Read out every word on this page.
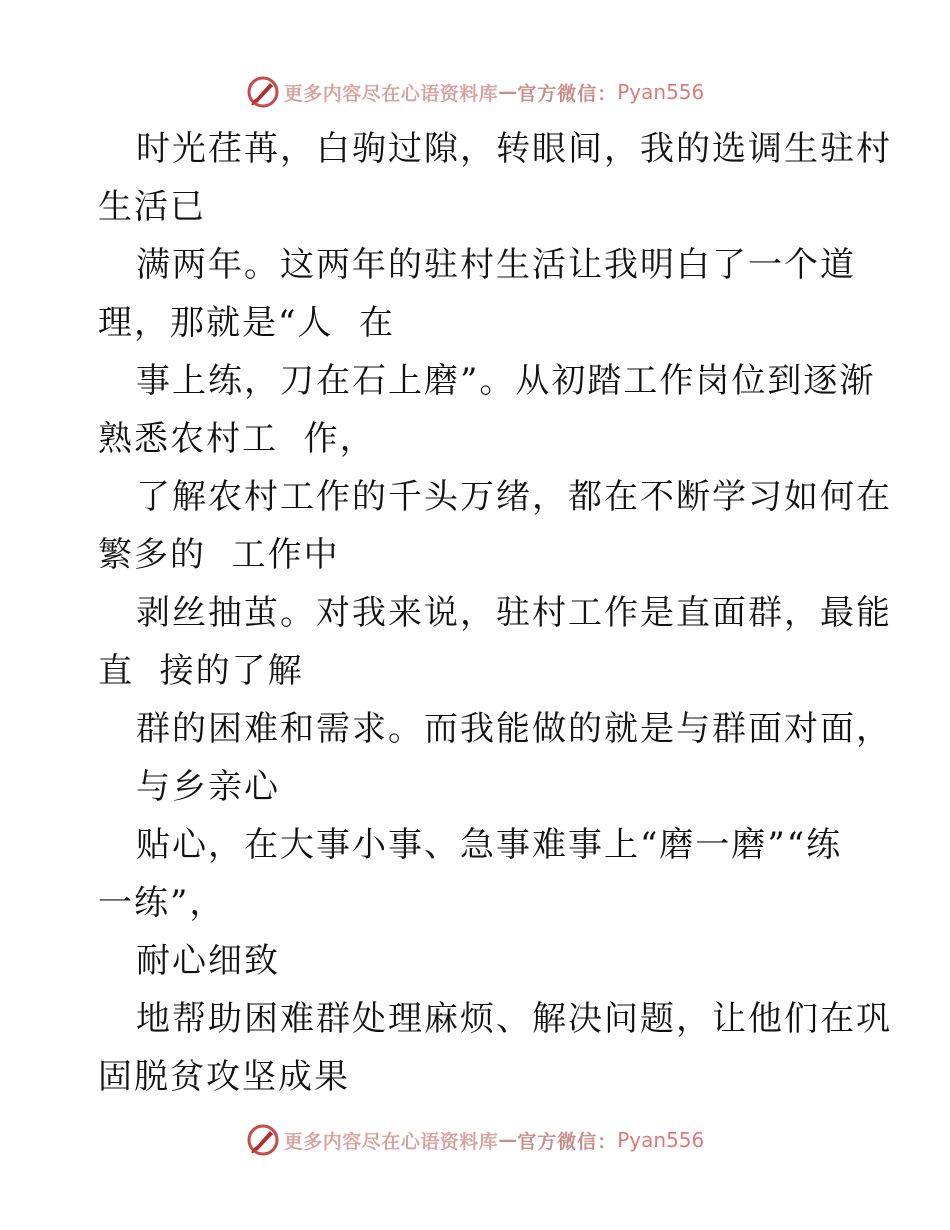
更多内容尽在心语资料库 — 官方微信： Pyan556
时光荏苒，白驹过隙，转眼间，我的选调生驻村
生活已
满两年。这两年的驻村生活让我明白了一个道
理，那就是“人  在
事上练，刀在石上磨”。从初踏工作岗位到逐渐
熟悉农村工  作，
了解农村工作的千头万绪，都在不断学习如何在
繁多的  工作中
剥丝抽茧。对我来说，驻村工作是直面群，最能
直  接的了解
群的困难和需求。而我能做的就是与群面对面，
与乡亲心
贴心，在大事小事、急事难事上“磨一磨”“练
一练”，
耐心细致
地帮助困难群处理麻烦、解决问题，让他们在巩
固脱贫攻坚成果
更多内容尽在心语资料库 — 官方微信： Pyan556
